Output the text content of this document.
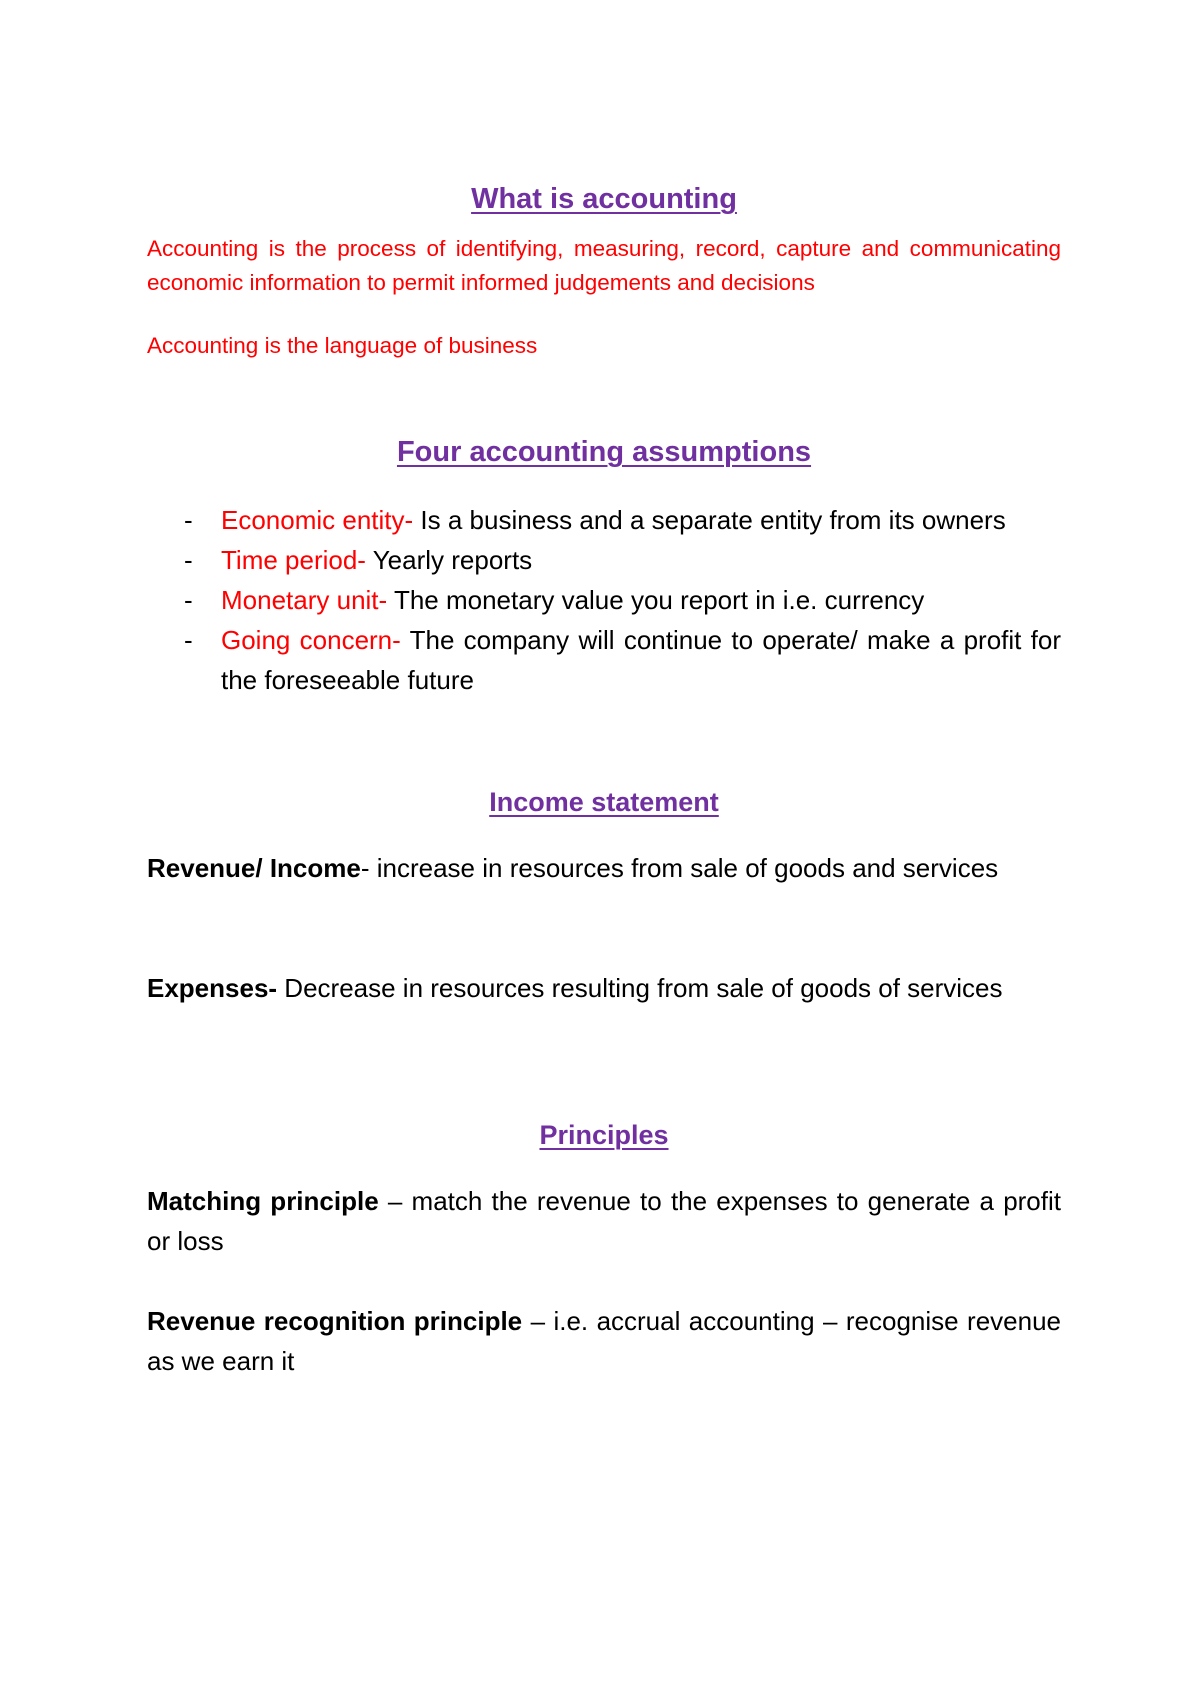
What is accounting

Accounting is the process of identifying, measuring, record, capture and communicating economic information to permit informed judgements and decisions

Accounting is the language of business

Four accounting assumptions
- Economic entity- Is a business and a separate entity from its owners
- Time period- Yearly reports
- Monetary unit- The monetary value you report in i.e. currency
- Going concern- The company will continue to operate/ make a profit for the foreseeable future
Income statement

Revenue/ Income- increase in resources from sale of goods and services

Expenses- Decrease in resources resulting from sale of goods of services

Principles

Matching principle – match the revenue to the expenses to generate a profit or loss

Revenue recognition principle – i.e. accrual accounting – recognise revenue as we earn it
